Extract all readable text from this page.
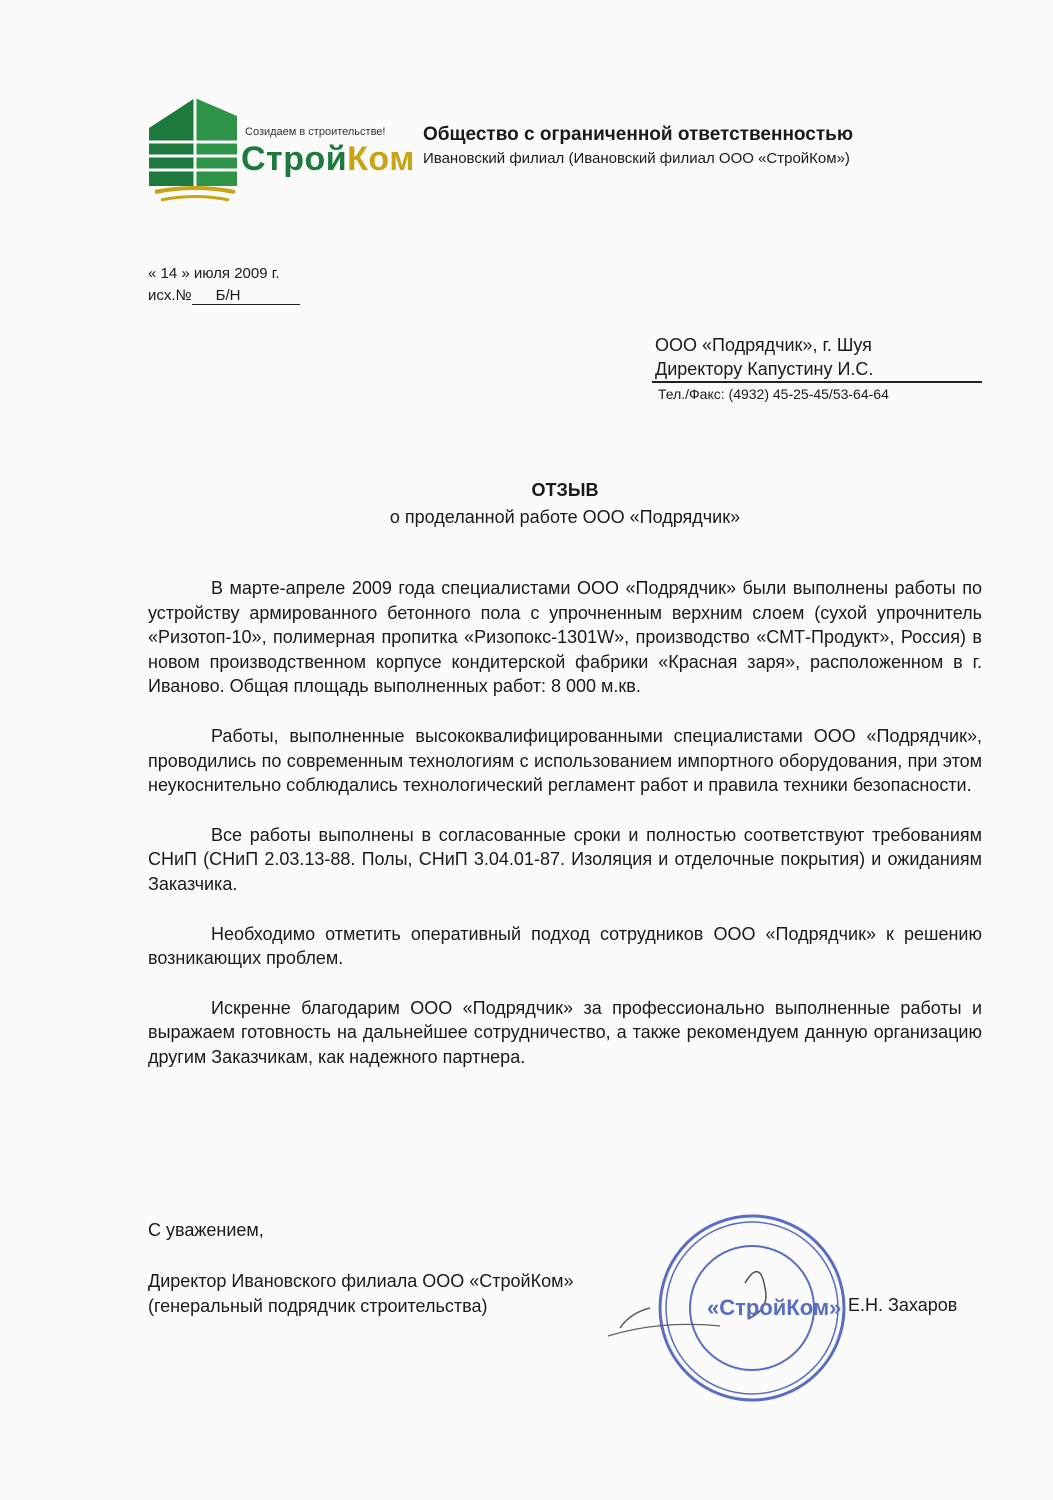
Созидаем в строительстве!
СтройКом
Общество с ограниченной ответственностью
Ивановский филиал (Ивановский филиал ООО «СтройКом»)
« 14 » июля 2009 г.
исх.№ Б/Н
ООО «Подрядчик», г. Шуя
Директору Капустину И.С.
Тел./Факс: (4932) 45-25-45/53-64-64
ОТЗЫВ
о проделанной работе ООО «Подрядчик»

В марте-апреле 2009 года специалистами ООО «Подрядчик» были выполнены работы по устройству армированного бетонного пола с упрочненным верхним слоем (сухой упрочнитель «Ризотоп-10», полимерная пропитка «Ризопокс-1301W», производство «СМТ-Продукт», Россия) в новом производственном корпусе кондитерской фабрики «Красная заря», расположенном в г. Иваново. Общая площадь выполненных работ: 8 000 м.кв.

Работы, выполненные высококвалифицированными специалистами ООО «Подрядчик», проводились по современным технологиям с использованием импортного оборудования, при этом неукоснительно соблюдались технологический регламент работ и правила техники безопасности.

Все работы выполнены в согласованные сроки и полностью соответствуют требованиям СНиП (СНиП 2.03.13-88. Полы, СНиП 3.04.01-87. Изоляция и отделочные покрытия) и ожиданиям Заказчика.

Необходимо отметить оперативный подход сотрудников ООО «Подрядчик» к решению возникающих проблем.

Искренне благодарим ООО «Подрядчик» за профессионально выполненные работы и выражаем готовность на дальнейшее сотрудничество, а также рекомендуем данную организацию другим Заказчикам, как надежного партнера.

С уважением,
Директор Ивановского филиала ООО «СтройКом»
(генеральный подрядчик строительства)	«СтройКом» Е.Н. Захаров
